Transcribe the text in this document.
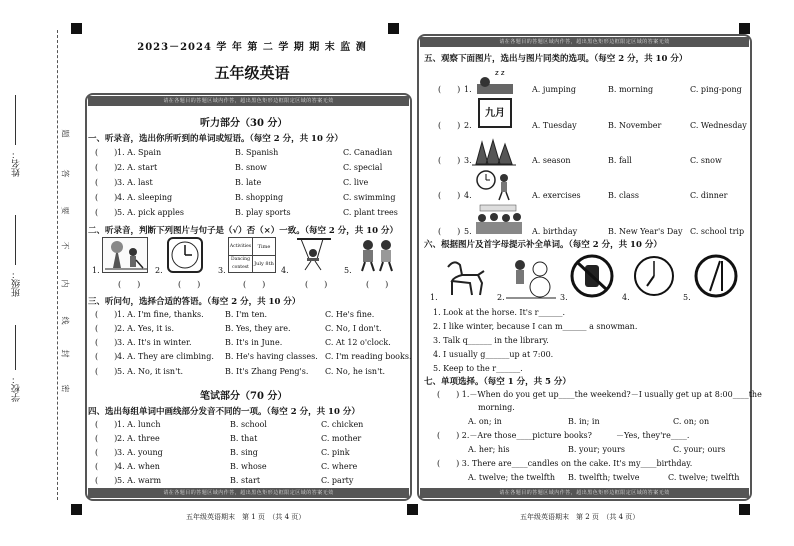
姓名：
班级：
学校：
题
答
要
不
内
线
封
密
2023－2024 学 年 第 二 学 期 期 末 监 测
五年级英语
请在各题目的答题区域内作答，超出黑色矩形边框限定区域的答案无效
请在各题目的答题区域内作答，超出黑色矩形边框限定区域的答案无效
听力部分（30 分）
一、听录音，选出你所听到的单词或短语。（每空 2 分，共 10 分）
(　　) 1. A. Spain	B. Spanish	C. Canadian
(　　) 2. A. start	B. snow	C. special
(　　) 3. A. last	B. late	C. live
(　　) 4. A. sleeping	B. shopping	C. swimming
(　　) 5. A. pick apples	B. play sports	C. plant trees
二、听录音，判断下列图片与句子是（√）否（×）一致。（每空 2 分，共 10 分）
1.	2.	3.
Activities	Time
Dancing contest
July 8th
4.	5.
(　　)	(　　)	(　　)	(　　)	(　　)
三、听问句，选择合适的答语。（每空 2 分，共 10 分）
(　　) 1. A. I'm fine, thanks.	B. I'm ten.	C. He's fine.
(　　) 2. A. Yes, it is.	B. Yes, they are.	C. No, I don't.
(　　) 3. A. It's in winter.	B. It's in June.	C. At 12 o'clock.
(　　) 4. A. They are climbing. B. He's having classes. C. I'm reading books.
(　　) 5. A. No, it isn't.	B. It's Zhang Peng's. C. No, he isn't.
笔试部分（70 分）
四、选出每组单词中画线部分发音不同的一项。（每空 2 分，共 10 分）
(　　) 1. A. lunch	B. school	C. chicken
(　　) 2. A. three	B. that	C. mother
(　　) 3. A. young	B. sing	C. pink
(　　) 4. A. when	B. whose	C. where
(　　) 5. A. warm	B. start	C. party
五年级英语期末　第 1 页　（共 4 页）
请在各题目的答题区域内作答，超出黑色矩形边框限定区域的答案无效
请在各题目的答题区域内作答，超出黑色矩形边框限定区域的答案无效
五、观察下面图片，选出与图片同类的选项。（每空 2 分，共 10 分）
(　　) 1.	A. jumping	B. morning	C. ping-pong
z z
(　　) 2.	A. Tuesday	B. November	C. Wednesday
九月
(　　) 3.	A. season	B. fall	C. snow
(　　) 4.	A. exercises	B. class	C. dinner
(　　) 5.	A. birthday	B. New Year's Day C. school trip
六、根据图片及首字母提示补全单词。（每空 2 分，共 10 分）
1.	2.	3.	4.	5.
1. Look at the horse. It's r______.
2. I like winter, because I can m______ a snowman.
3. Talk q______ in the library.
4. I usually g______up at 7:00.
5. Keep to the r______.
七、单项选择。（每空 1 分，共 5 分）
(　　) 1.－When do you get up____the weekend?－I usually get up at 8:00____the
morning.
A. on; in	B. in; in	C. on; on
(　　) 2.－Are those____picture books?　　　－Yes, they're____.
A. her; his	B. your; yours	C. your; ours
(　　) 3. There are____candles on the cake. It's my____birthday.
A. twelve; the twelfth B. twelfth; twelve	C. twelve; twelfth
五年级英语期末　第 2 页　（共 4 页）
